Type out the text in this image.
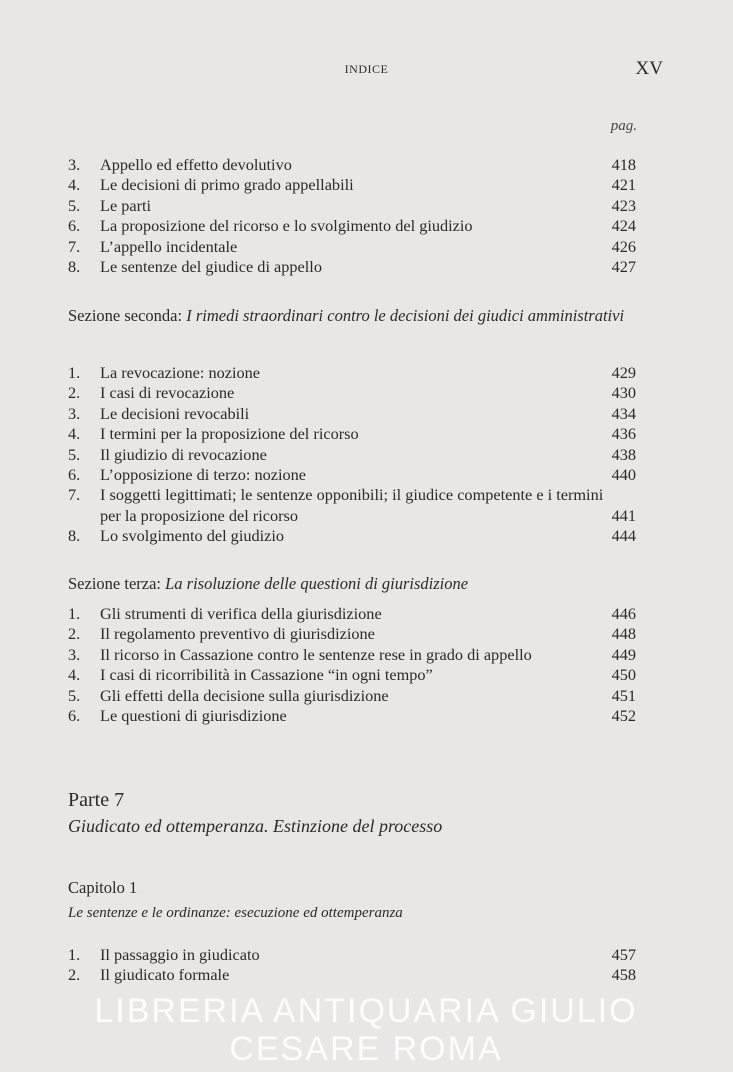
INDICE	XV
pag.
3. Appello ed effetto devolutivo	418
4. Le decisioni di primo grado appellabili	421
5. Le parti	423
6. La proposizione del ricorso e lo svolgimento del giudizio	424
7. L’appello incidentale	426
8. Le sentenze del giudice di appello	427
Sezione seconda: I rimedi straordinari contro le decisioni dei giudici amministrativi
1. La revocazione: nozione	429
2. I casi di revocazione	430
3. Le decisioni revocabili	434
4. I termini per la proposizione del ricorso	436
5. Il giudizio di revocazione	438
6. L’opposizione di terzo: nozione	440
7. I soggetti legittimati; le sentenze opponibili; il giudice competente e i termini per la proposizione del ricorso	441
8. Lo svolgimento del giudizio	444
Sezione terza: La risoluzione delle questioni di giurisdizione
1. Gli strumenti di verifica della giurisdizione	446
2. Il regolamento preventivo di giurisdizione	448
3. Il ricorso in Cassazione contro le sentenze rese in grado di appello	449
4. I casi di ricorribilità in Cassazione “in ogni tempo”	450
5. Gli effetti della decisione sulla giurisdizione	451
6. Le questioni di giurisdizione	452
Parte 7
Giudicato ed ottemperanza. Estinzione del processo
Capitolo 1
Le sentenze e le ordinanze: esecuzione ed ottemperanza
1. Il passaggio in giudicato	457
2. Il giudicato formale	458
LIBRERIA ANTIQUARIA GIULIO CESARE ROMA
